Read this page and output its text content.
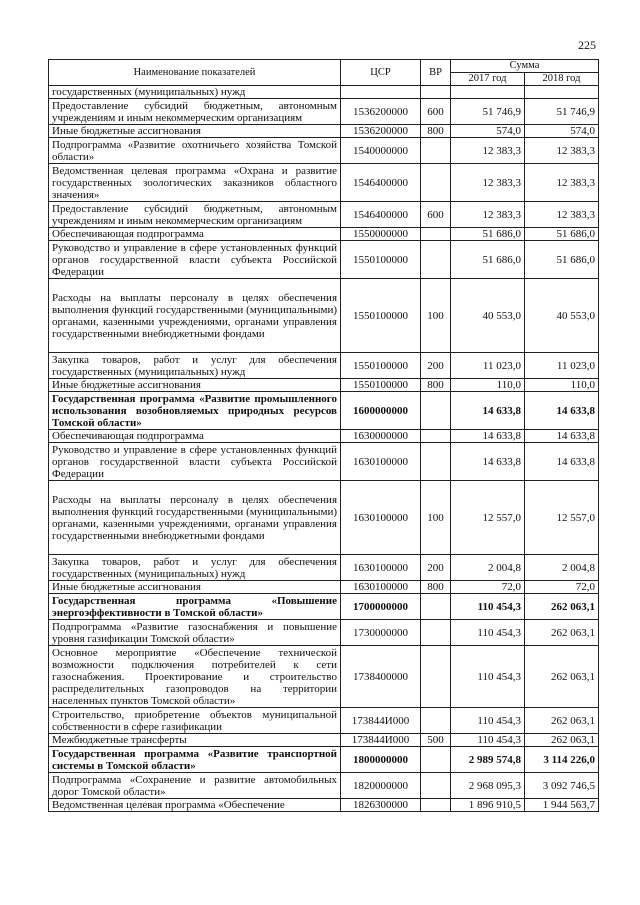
225
Наименование показателей	ЦСР	ВР	Сумма	
			2017 год	2018 год
государственных (муниципальных) нужд				
Предоставление субсидий бюджетным, автономным учреждениям и иным некоммерческим организациям	1536200000	600	51 746,9	51 746,9
Иные бюджетные ассигнования	1536200000	800	574,0	574,0
Подпрограмма «Развитие охотничьего хозяйства Томской области»	1540000000		12 383,3	12 383,3
Ведомственная целевая программа «Охрана и развитие государственных зоологических заказников областного значения»	1546400000		12 383,3	12 383,3
Предоставление субсидий бюджетным, автономным учреждениям и иным некоммерческим организациям	1546400000	600	12 383,3	12 383,3
Обеспечивающая подпрограмма	1550000000		51 686,0	51 686,0
Руководство и управление в сфере установленных функций органов государственной власти субъекта Российской Федерации	1550100000		51 686,0	51 686,0
Расходы на выплаты персоналу в целях обеспечения выполнения функций государственными (муниципальными) органами, казенными учреждениями, органами управления государственными внебюджетными фондами	1550100000	100	40 553,0	40 553,0
Закупка товаров, работ и услуг для обеспечения государственных (муниципальных) нужд	1550100000	200	11 023,0	11 023,0
Иные бюджетные ассигнования	1550100000	800	110,0	110,0
Государственная программа «Развитие промышленного использования возобновляемых природных ресурсов Томской области»	1600000000		14 633,8	14 633,8
Обеспечивающая подпрограмма	1630000000		14 633,8	14 633,8
Руководство и управление в сфере установленных функций органов государственной власти субъекта Российской Федерации	1630100000		14 633,8	14 633,8
Расходы на выплаты персоналу в целях обеспечения выполнения функций государственными (муниципальными) органами, казенными учреждениями, органами управления государственными внебюджетными фондами	1630100000	100	12 557,0	12 557,0
Закупка товаров, работ и услуг для обеспечения государственных (муниципальных) нужд	1630100000	200	2 004,8	2 004,8
Иные бюджетные ассигнования	1630100000	800	72,0	72,0
Государственная программа «Повышение энергоэффективности в Томской области»	1700000000		110 454,3	262 063,1
Подпрограмма «Развитие газоснабжения и повышение уровня газификации Томской области»	1730000000		110 454,3	262 063,1
Основное мероприятие «Обеспечение технической возможности подключения потребителей к сети газоснабжения. Проектирование и строительство распределительных газопроводов на территории населенных пунктов Томской области»	1738400000		110 454,3	262 063,1
Строительство, приобретение объектов муниципальной собственности в сфере газификации	173844И000		110 454,3	262 063,1
Межбюджетные трансферты	173844И000	500	110 454,3	262 063,1
Государственная программа «Развитие транспортной системы в Томской области»	1800000000		2 989 574,8	3 114 226,0
Подпрограмма «Сохранение и развитие автомобильных дорог Томской области»	1820000000		2 968 095,3	3 092 746,5
Ведомственная целевая программа «Обеспечение	1826300000		1 896 910,5	1 944 563,7
